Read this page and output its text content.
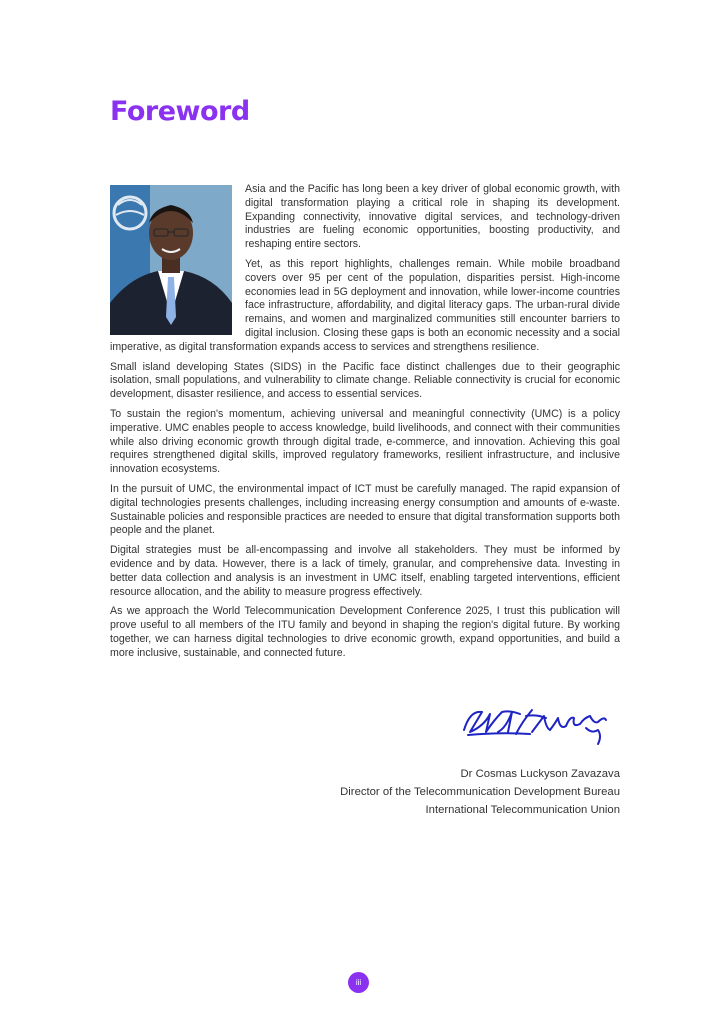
Foreword

Asia and the Pacific has long been a key driver of global economic growth, with digital transformation playing a critical role in shaping its development. Expanding connectivity, innovative digital services, and technology-driven industries are fueling economic opportunities, boosting productivity, and reshaping entire sectors.

Yet, as this report highlights, challenges remain. While mobile broadband covers over 95 per cent of the population, disparities persist. High-income economies lead in 5G deployment and innovation, while lower-income countries face infrastructure, affordability, and digital literacy gaps. The urban-rural divide remains, and women and marginalized communities still encounter barriers to digital inclusion. Closing these gaps is both an economic necessity and a social imperative, as digital transformation expands access to services and strengthens resilience.

Small island developing States (SIDS) in the Pacific face distinct challenges due to their geographic isolation, small populations, and vulnerability to climate change. Reliable connectivity is crucial for economic development, disaster resilience, and access to essential services.

To sustain the region's momentum, achieving universal and meaningful connectivity (UMC) is a policy imperative. UMC enables people to access knowledge, build livelihoods, and connect with their communities while also driving economic growth through digital trade, e-commerce, and innovation. Achieving this goal requires strengthened digital skills, improved regulatory frameworks, resilient infrastructure, and inclusive innovation ecosystems.

In the pursuit of UMC, the environmental impact of ICT must be carefully managed. The rapid expansion of digital technologies presents challenges, including increasing energy consumption and amounts of e-waste. Sustainable policies and responsible practices are needed to ensure that digital transformation supports both people and the planet.

Digital strategies must be all-encompassing and involve all stakeholders. They must be informed by evidence and by data. However, there is a lack of timely, granular, and comprehensive data. Investing in better data collection and analysis is an investment in UMC itself, enabling targeted interventions, efficient resource allocation, and the ability to measure progress effectively.

As we approach the World Telecommunication Development Conference 2025, I trust this publication will prove useful to all members of the ITU family and beyond in shaping the region's digital future. By working together, we can harness digital technologies to drive economic growth, expand opportunities, and build a more inclusive, sustainable, and connected future.

Dr Cosmas Luckyson Zavazava
Director of the Telecommunication Development Bureau
International Telecommunication Union
iii
